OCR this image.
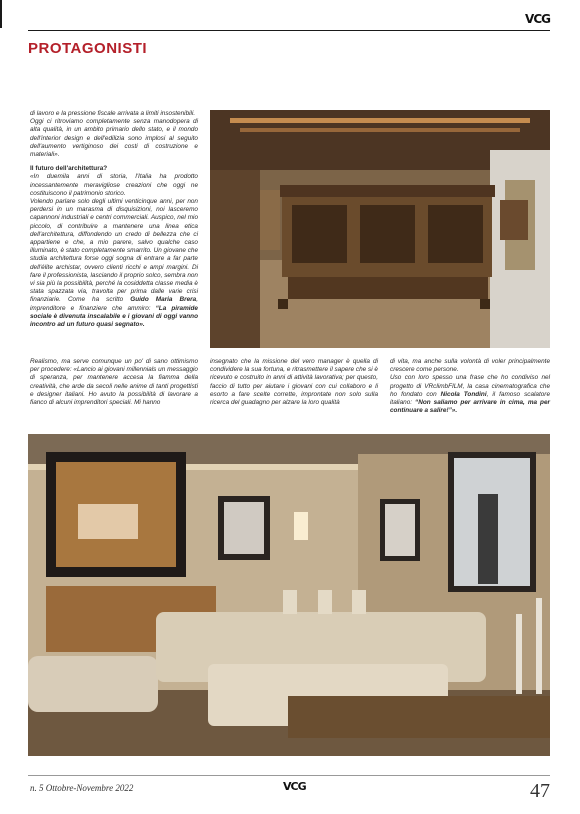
VCG
PROTAGONISTI

di lavoro e la pressione fiscale arrivata a limiti insostenibili.

Oggi ci ritroviamo completamente senza manodopera di alta qualità, in un ambito primario dello stato, e il mondo dell'interior design e dell'edilizia sono implosi al seguito dell'aumento vertiginoso dei costi di costruzione e materiali».

Il futuro dell'architettura?

«In duemila anni di storia, l'Italia ha prodotto incessantemente meravigliose creazioni che oggi ne costituiscono il patrimonio storico.

Volendo parlare solo degli ultimi venticinque anni, per non perdersi in un marasma di disquisizioni, noi lasceremo capannoni industriali e centri commerciali. Auspico, nel mio piccolo, di contribuire a mantenere una linea etica dell'architettura, diffondendo un credo di bellezza che ci appartiene e che, a mio parere, salvo qualche caso illuminato, è stato completamente smarrito. Un giovane che studia architettura forse oggi sogna di entrare a far parte dell'élite archistar, ovvero clienti ricchi e ampi margini. Di fare il professionista, lasciando il proprio solco, sembra non vi sia più la possibilità, perché la cosiddetta classe media è stata spazzata via, travolta per prima dalle varie crisi finanziarie. Come ha scritto Guido Maria Brera, imprenditore e finanziere che ammiro: “La piramide sociale è divenuta inscalabile e i giovani di oggi vanno incontro ad un futuro quasi segnato».

Realismo, ma serve comunque un po' di sano ottimismo per procedere: «Lancio ai giovani millennials un messaggio di speranza, per mantenere accesa la fiamma della creatività, che arde da secoli nelle anime di tanti progettisti e designer italiani. Ho avuto la possibilità di lavorare a fianco di alcuni imprenditori speciali. Mi hanno

insegnato che la missione del vero manager è quella di condividere la sua fortuna, e ritrasmettere il sapere che si è ricevuto e costruito in anni di attività lavorativa; per questo, faccio di tutto per aiutare i giovani con cui collaboro e li esorto a fare scelte corrette, improntate non solo sulla ricerca del guadagno per alzare la loro qualità

di vita, ma anche sulla volontà di voler principalmente crescere come persone.

Uso con loro spesso una frase che ho condiviso nel progetto di VRclimbFILM, la casa cinematografica che ho fondato con Nicola Tondini, il famoso scalatore italiano: “Non saliamo per arrivare in cima, ma per continuare a salire!”».

n. 5 Ottobre-Novembre 2022	VCG	47
